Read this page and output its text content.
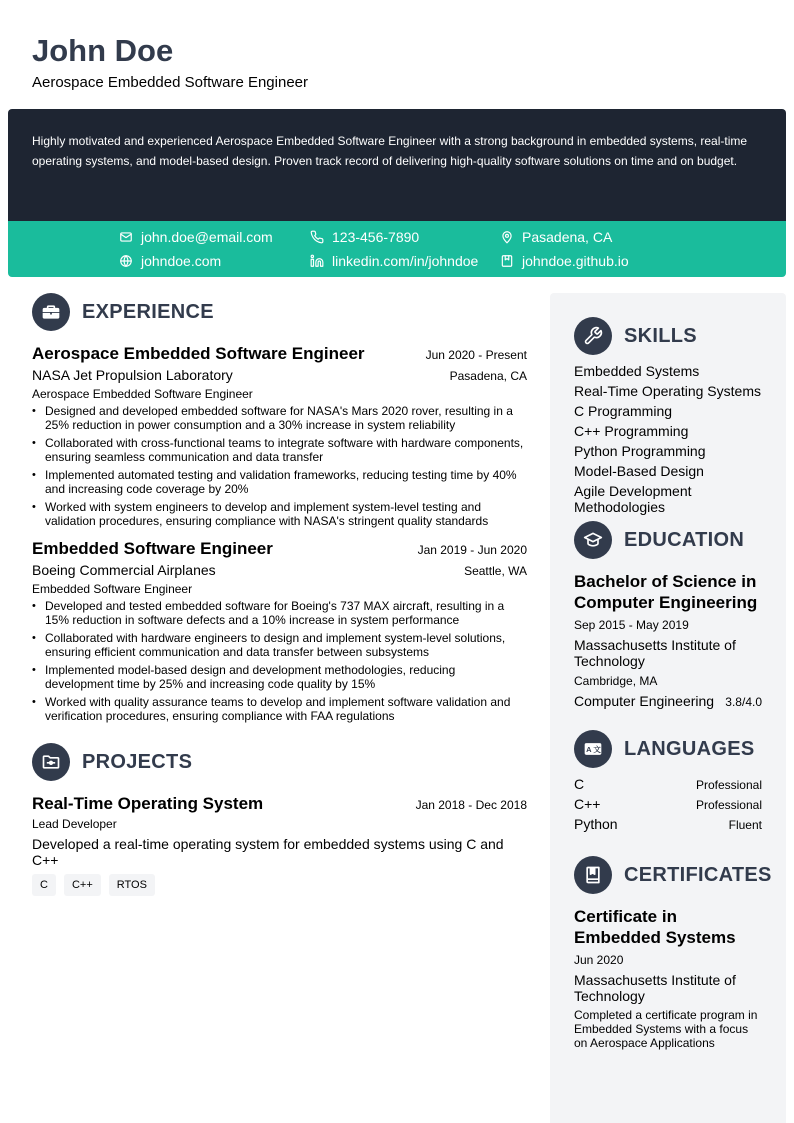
John Doe
Aerospace Embedded Software Engineer
Highly motivated and experienced Aerospace Embedded Software Engineer with a strong background in embedded systems, real-time operating systems, and model-based design. Proven track record of delivering high-quality software solutions on time and on budget.
john.doe@email.com	123-456-7890	Pasadena, CA
johndoe.com	linkedin.com/in/johndoe	johndoe.github.io
EXPERIENCE
Aerospace Embedded Software Engineer	Jun 2020 - Present
NASA Jet Propulsion Laboratory	Pasadena, CA
Aerospace Embedded Software Engineer
• Designed and developed embedded software for NASA's Mars 2020 rover, resulting in a 25% reduction in power consumption and a 30% increase in system reliability
• Collaborated with cross-functional teams to integrate software with hardware components, ensuring seamless communication and data transfer
• Implemented automated testing and validation frameworks, reducing testing time by 40% and increasing code coverage by 20%
• Worked with system engineers to develop and implement system-level testing and validation procedures, ensuring compliance with NASA's stringent quality standards
Embedded Software Engineer	Jan 2019 - Jun 2020
Boeing Commercial Airplanes	Seattle, WA
Embedded Software Engineer
• Developed and tested embedded software for Boeing's 737 MAX aircraft, resulting in a 15% reduction in software defects and a 10% increase in system performance
• Collaborated with hardware engineers to design and implement system-level solutions, ensuring efficient communication and data transfer between subsystems
• Implemented model-based design and development methodologies, reducing development time by 25% and increasing code quality by 15%
• Worked with quality assurance teams to develop and implement software validation and verification procedures, ensuring compliance with FAA regulations
PROJECTS
Real-Time Operating System	Jan 2018 - Dec 2018
Lead Developer
Developed a real-time operating system for embedded systems using C and C++
C	C++	RTOS
SKILLS
Embedded Systems
Real-Time Operating Systems
C Programming
C++ Programming
Python Programming
Model-Based Design
Agile Development Methodologies
EDUCATION
Bachelor of Science in Computer Engineering
Sep 2015 - May 2019
Massachusetts Institute of Technology
Cambridge, MA
Computer Engineering 3.8/4.0
A 文 LANGUAGES
C	Professional
C++	Professional
Python	Fluent
CERTIFICATES
Certificate in Embedded Systems
Jun 2020
Massachusetts Institute of Technology
Completed a certificate program in Embedded Systems with a focus on Aerospace Applications
